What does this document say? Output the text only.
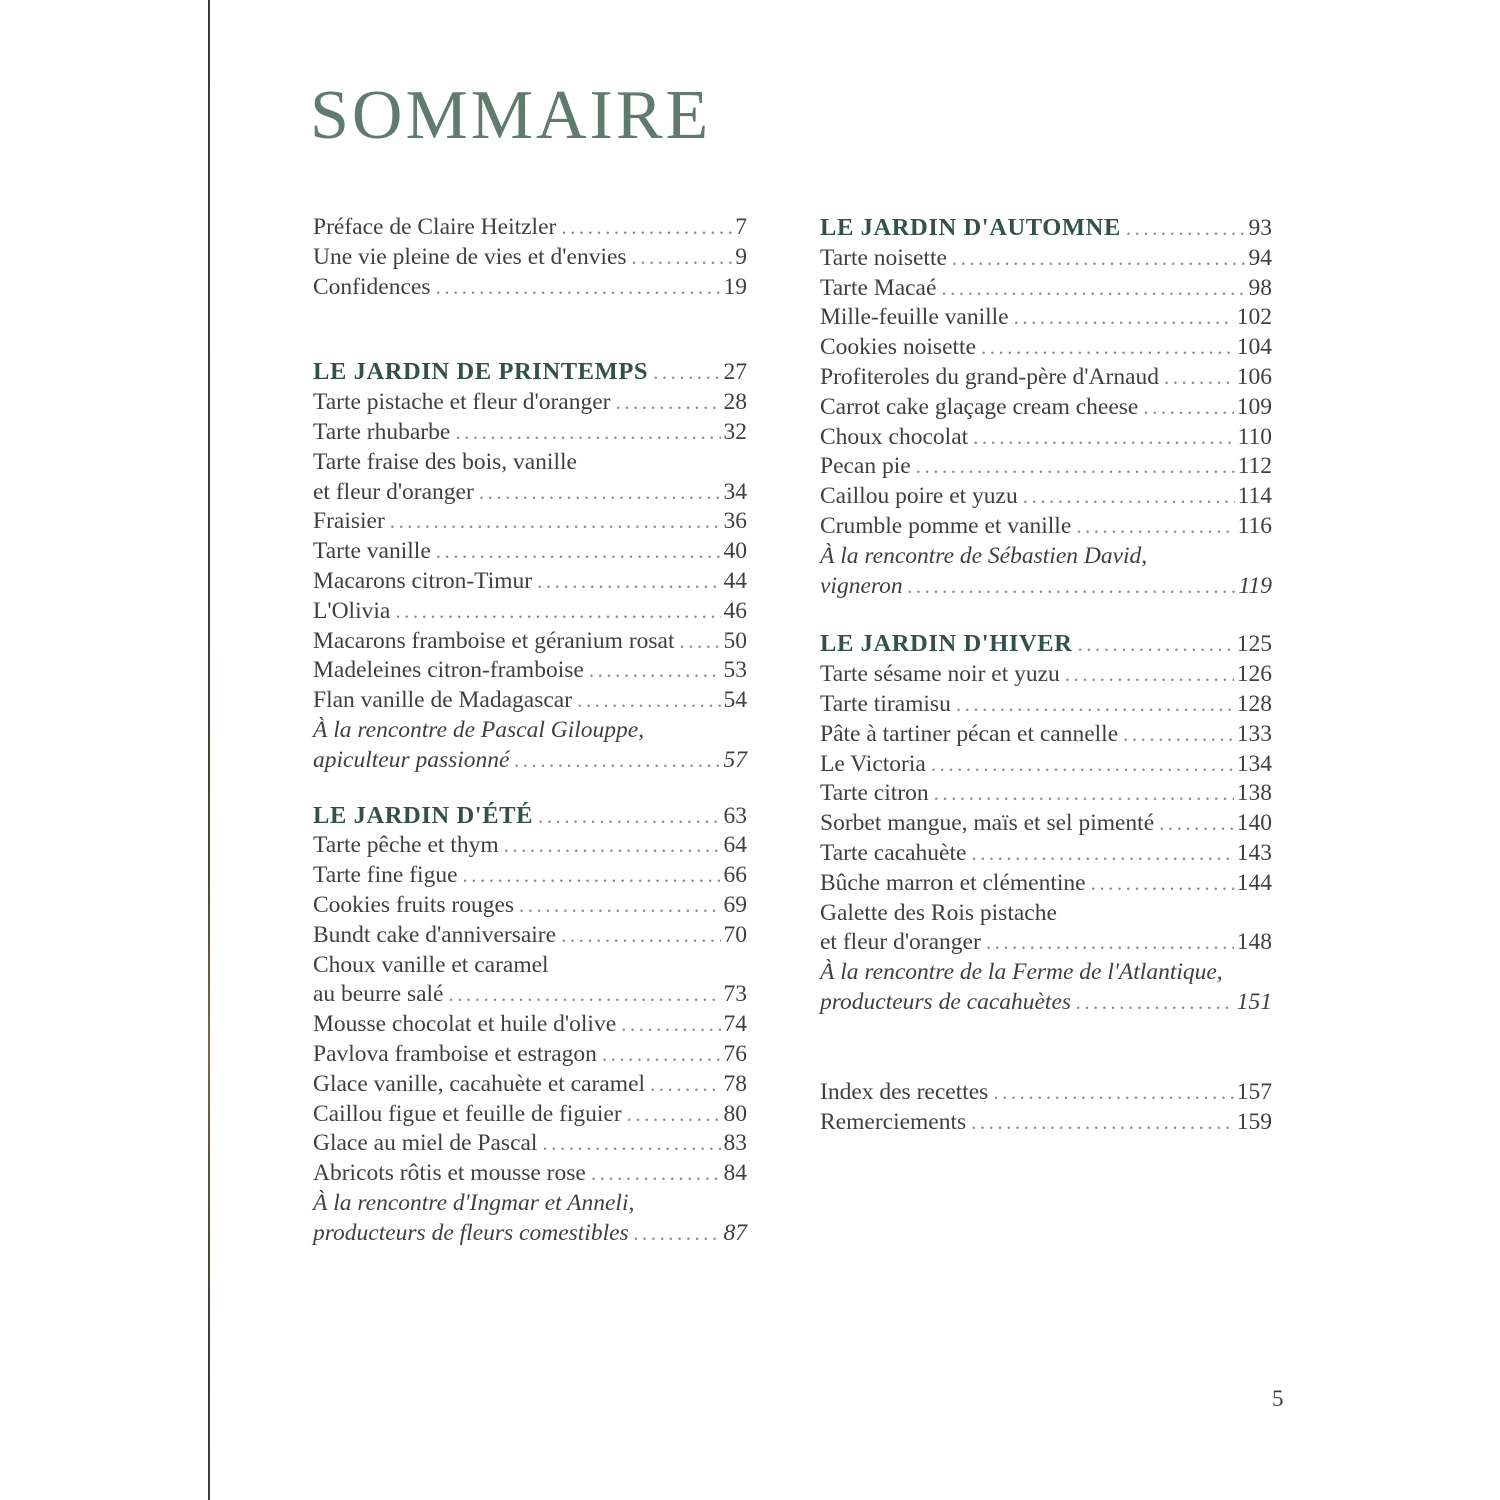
SOMMAIRE
Préface de Claire Heitzler .....	7
Une vie pleine de vies et d'envies .....	9
Confidences .....	19
LE JARDIN DE PRINTEMPS .....	27
Tarte pistache et fleur d'oranger .....	28
Tarte rhubarbe .....	32
Tarte fraise des bois, vanille
et fleur d'oranger .....	34
Fraisier .....	36
Tarte vanille .....	40
Macarons citron-Timur .....	44
L'Olivia .....	46
Macarons framboise et géranium rosat ..... 50
Madeleines citron-framboise .....	53
Flan vanille de Madagascar .....	54
À la rencontre de Pascal Gilouppe,
apiculteur passionné .....	57
LE JARDIN D'ÉTÉ .....	63
Tarte pêche et thym .....	64
Tarte fine figue .....	66
Cookies fruits rouges .....	69
Bundt cake d'anniversaire .....	70
Choux vanille et caramel
au beurre salé .....	73
Mousse chocolat et huile d'olive .....	74
Pavlova framboise et estragon .....	76
Glace vanille, cacahuète et caramel .....	78
Caillou figue et feuille de figuier .....	80
Glace au miel de Pascal .....	83
Abricots rôtis et mousse rose .....	84
À la rencontre d'Ingmar et Anneli,
producteurs de fleurs comestibles .....	87
LE JARDIN D'AUTOMNE .....	93
Tarte noisette .....	94
Tarte Macaé .....	98
Mille-feuille vanille .....	102
Cookies noisette .....	104
Profiteroles du grand-père d'Arnaud .....	106
Carrot cake glaçage cream cheese .....	109
Choux chocolat .....	110
Pecan pie .....	112
Caillou poire et yuzu .....	114
Crumble pomme et vanille .....	116
À la rencontre de Sébastien David,
vigneron .....	119
LE JARDIN D'HIVER .....	125
Tarte sésame noir et yuzu .....	126
Tarte tiramisu .....	128
Pâte à tartiner pécan et cannelle .....	133
Le Victoria .....	134
Tarte citron .....	138
Sorbet mangue, maïs et sel pimenté .....	140
Tarte cacahuète .....	143
Bûche marron et clémentine .....	144
Galette des Rois pistache
et fleur d'oranger .....	148
À la rencontre de la Ferme de l'Atlantique,
producteurs de cacahuètes .....	151
Index des recettes .....	157
Remerciements .....	159
5
